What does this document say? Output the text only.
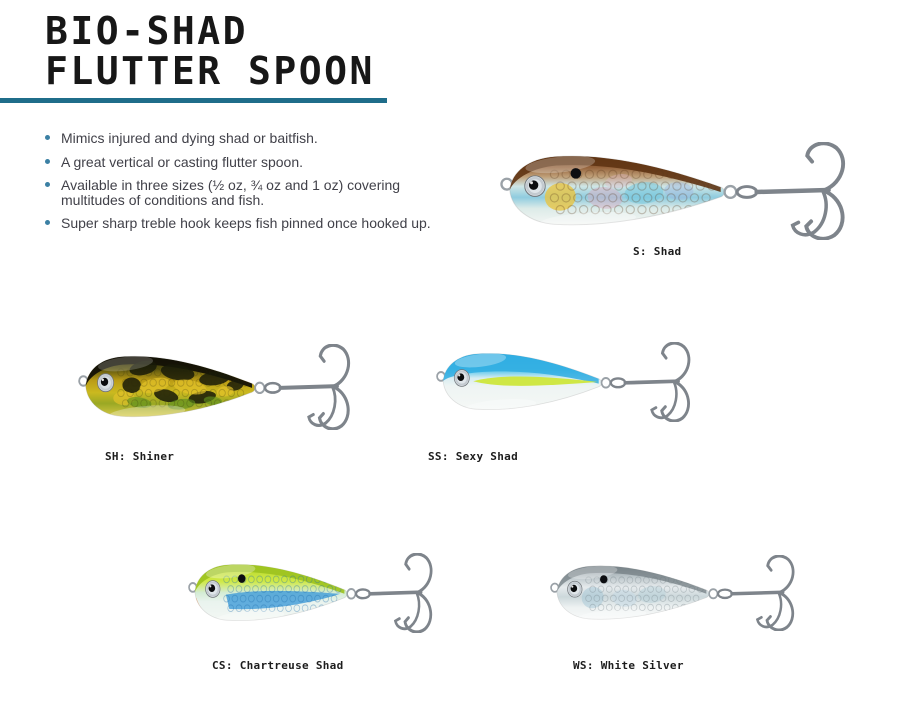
BIO-SHAD
FLUTTER SPOON
Mimics injured and dying shad or baitfish.
A great vertical or casting flutter spoon.
Available in three sizes (½ oz, ¾ oz and 1 oz) covering multitudes of conditions and fish.
Super sharp treble hook keeps fish pinned once hooked up.
S: Shad
SH: Shiner	SS: Sexy Shad
CS: Chartreuse Shad	WS: White Silver
